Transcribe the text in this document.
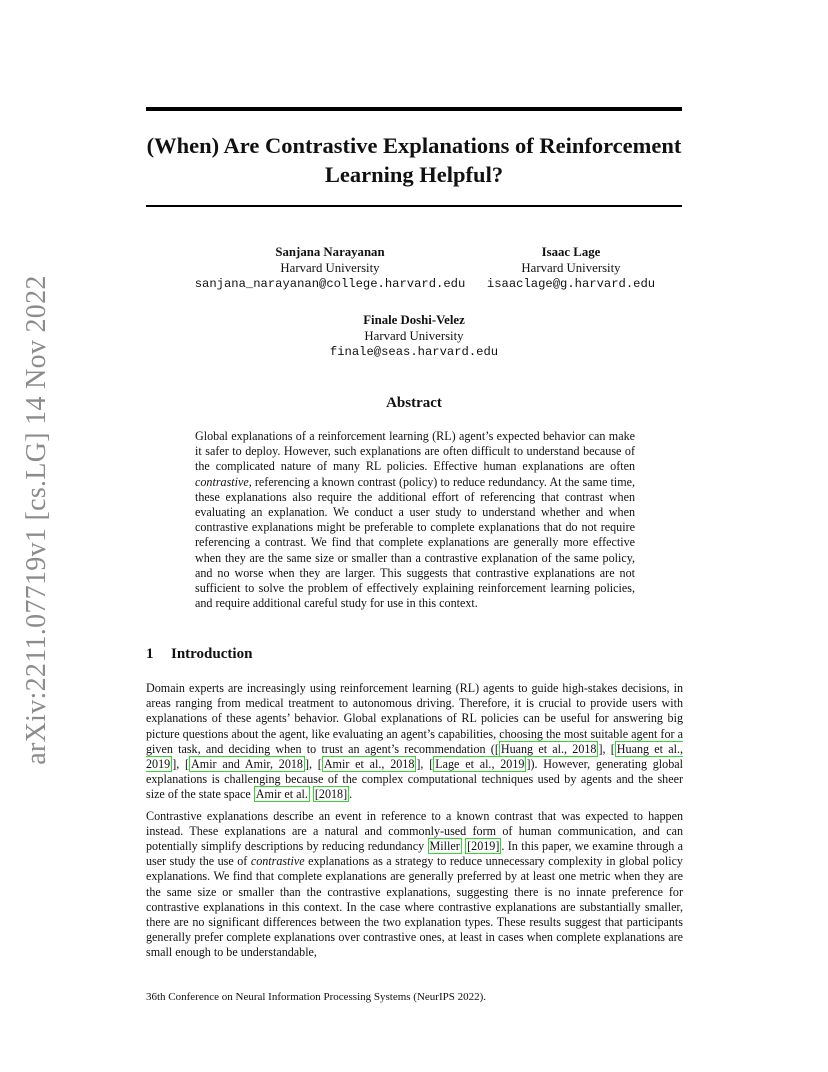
arXiv:2211.07719v1 [cs.LG] 14 Nov 2022
(When) Are Contrastive Explanations of Reinforcement Learning Helpful?
Sanjana Narayanan
Harvard University
sanjana_narayanan@college.harvard.edu
Isaac Lage
Harvard University
isaaclage@g.harvard.edu
Finale Doshi-Velez
Harvard University
finale@seas.harvard.edu
Abstract
Global explanations of a reinforcement learning (RL) agent’s expected behavior can make it safer to deploy. However, such explanations are often difficult to understand because of the complicated nature of many RL policies. Effective human explanations are often contrastive, referencing a known contrast (policy) to reduce redundancy. At the same time, these explanations also require the additional effort of referencing that contrast when evaluating an explanation. We conduct a user study to understand whether and when contrastive explanations might be preferable to complete explanations that do not require referencing a contrast. We find that complete explanations are generally more effective when they are the same size or smaller than a contrastive explanation of the same policy, and no worse when they are larger. This suggests that contrastive explanations are not sufficient to solve the problem of effectively explaining reinforcement learning policies, and require additional careful study for use in this context.
1 Introduction

Domain experts are increasingly using reinforcement learning (RL) agents to guide high-stakes decisions, in areas ranging from medical treatment to autonomous driving. Therefore, it is crucial to provide users with explanations of these agents’ behavior. Global explanations of RL policies can be useful for answering big picture questions about the agent, like evaluating an agent’s capabilities, choosing the most suitable agent for a given task, and deciding when to trust an agent’s recommendation ([ Huang et al., 2018 ], [ Huang et al., 2019 ], [ Amir and Amir, 2018 ], [ Amir et al., 2018 ], [ Lage et al., 2019 ]). However, generating global explanations is challenging because of the complex computational techniques used by agents and the sheer size of the state space Amir et al. [2018] .

Contrastive explanations describe an event in reference to a known contrast that was expected to happen instead. These explanations are a natural and commonly-used form of human communication, and can potentially simplify descriptions by reducing redundancy Miller [2019] . In this paper, we examine through a user study the use of contrastive explanations as a strategy to reduce unnecessary complexity in global policy explanations. We find that complete explanations are generally preferred by at least one metric when they are the same size or smaller than the contrastive explanations, suggesting there is no innate preference for contrastive explanations in this context. In the case where contrastive explanations are substantially smaller, there are no significant differences between the two explanation types. These results suggest that participants generally prefer complete explanations over contrastive ones, at least in cases when complete explanations are small enough to be understandable,

36th Conference on Neural Information Processing Systems (NeurIPS 2022).
